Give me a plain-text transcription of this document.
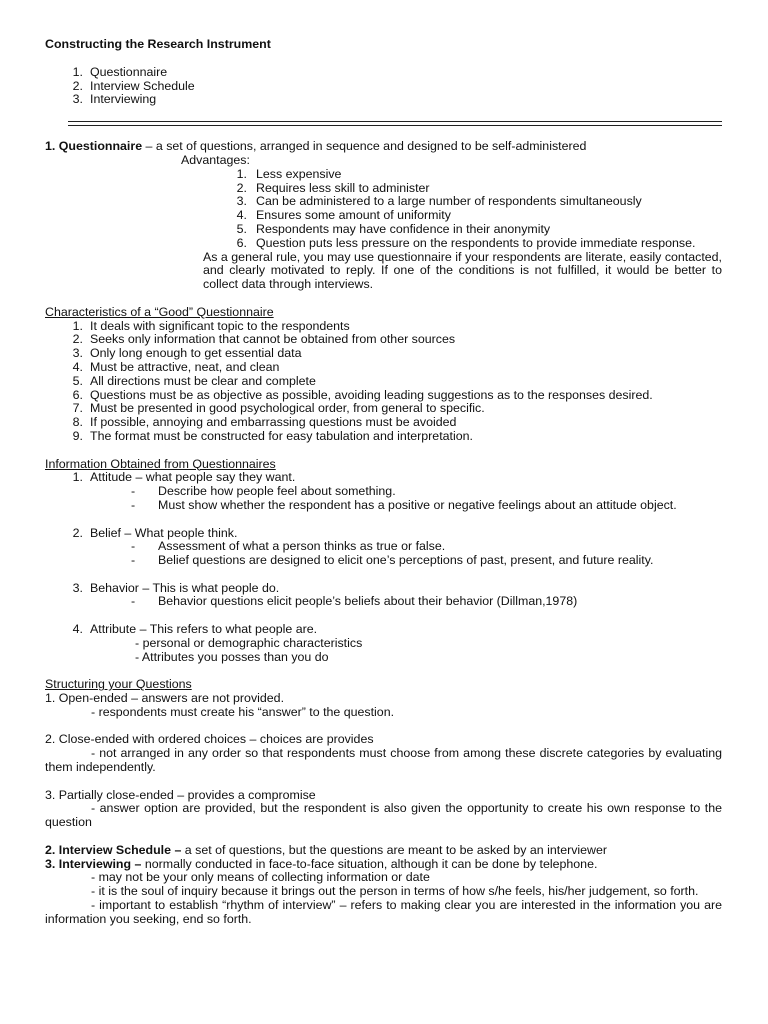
Constructing the Research Instrument
1. Questionnaire
2. Interview Schedule
3. Interviewing
1. Questionnaire – a set of questions, arranged in sequence and designed to be self-administered
Advantages:
1. Less expensive
2. Requires less skill to administer
3. Can be administered to a large number of respondents simultaneously
4. Ensures some amount of uniformity
5. Respondents may have confidence in their anonymity
6. Question puts less pressure on the respondents to provide immediate response.
As a general rule, you may use questionnaire if your respondents are literate, easily contacted, and clearly motivated to reply. If one of the conditions is not fulfilled, it would be better to collect data through interviews.
Characteristics of a “Good” Questionnaire
1. It deals with significant topic to the respondents
2. Seeks only information that cannot be obtained from other sources
3. Only long enough to get essential data
4. Must be attractive, neat, and clean
5. All directions must be clear and complete
6. Questions must be as objective as possible, avoiding leading suggestions as to the responses desired.
7. Must be presented in good psychological order, from general to specific.
8. If possible, annoying and embarrassing questions must be avoided
9. The format must be constructed for easy tabulation and interpretation.
Information Obtained from Questionnaires
1. Attitude – what people say they want.
-	Describe how people feel about something.
-	Must show whether the respondent has a positive or negative feelings about an attitude object.
2. Belief – What people think.
-	Assessment of what a person thinks as true or false.
-	Belief questions are designed to elicit one’s perceptions of past, present, and future reality.
3. Behavior – This is what people do.
-	Behavior questions elicit people’s beliefs about their behavior (Dillman,1978)
4. Attribute – This refers to what people are.
- personal or demographic characteristics
- Attributes you posses than you do
Structuring your Questions
1. Open-ended – answers are not provided.
- respondents must create his “answer” to the question.
2. Close-ended with ordered choices – choices are provides
- not arranged in any order so that respondents must choose from among these discrete categories by evaluating them independently.
3. Partially close-ended – provides a compromise
- answer option are provided, but the respondent is also given the opportunity to create his own response to the question
2. Interview Schedule – a set of questions, but the questions are meant to be asked by an interviewer
3. Interviewing – normally conducted in face-to-face situation, although it can be done by telephone.
- may not be your only means of collecting information or date
- it is the soul of inquiry because it brings out the person in terms of how s/he feels, his/her judgement, so forth.
- important to establish “rhythm of interview” – refers to making clear you are interested in the information you are information you seeking, end so forth.
